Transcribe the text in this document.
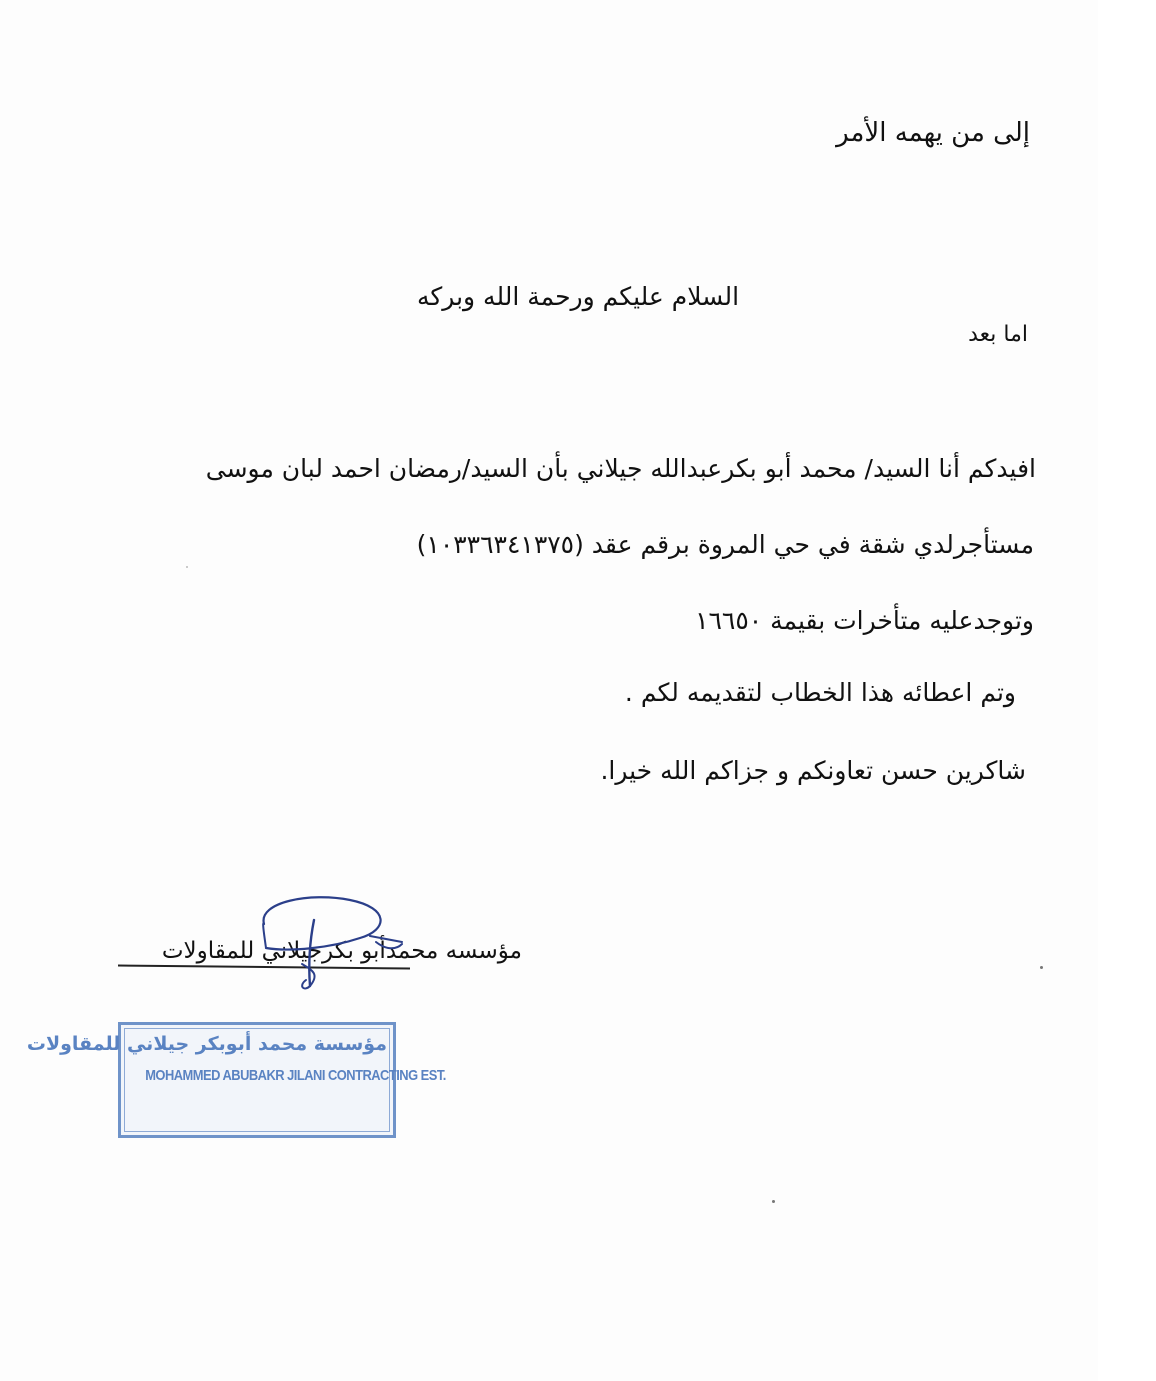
إلى من يهمه الأمر
السلام عليكم ورحمة الله وبركه
اما بعد
افيدكم أنا السيد/ محمد أبو بكرعبدالله جيلاني بأن السيد/رمضان احمد لبان موسى
مستأجرلدي شقة في حي المروة برقم عقد (١٠٣٣٦٣٤١٣٧٥)
وتوجدعليه متأخرات بقيمة ١٦٦٥٠
وتم اعطائه هذا الخطاب لتقديمه لكم .
شاكرين حسن تعاونكم و جزاكم الله خيرا.
مؤسسه محمدأبو بكرجيلاني للمقاولات
مؤسسة محمد أبوبكر جيلاني للمقاولات
MOHAMMED ABUBAKR JILANI CONTRACTING EST.
